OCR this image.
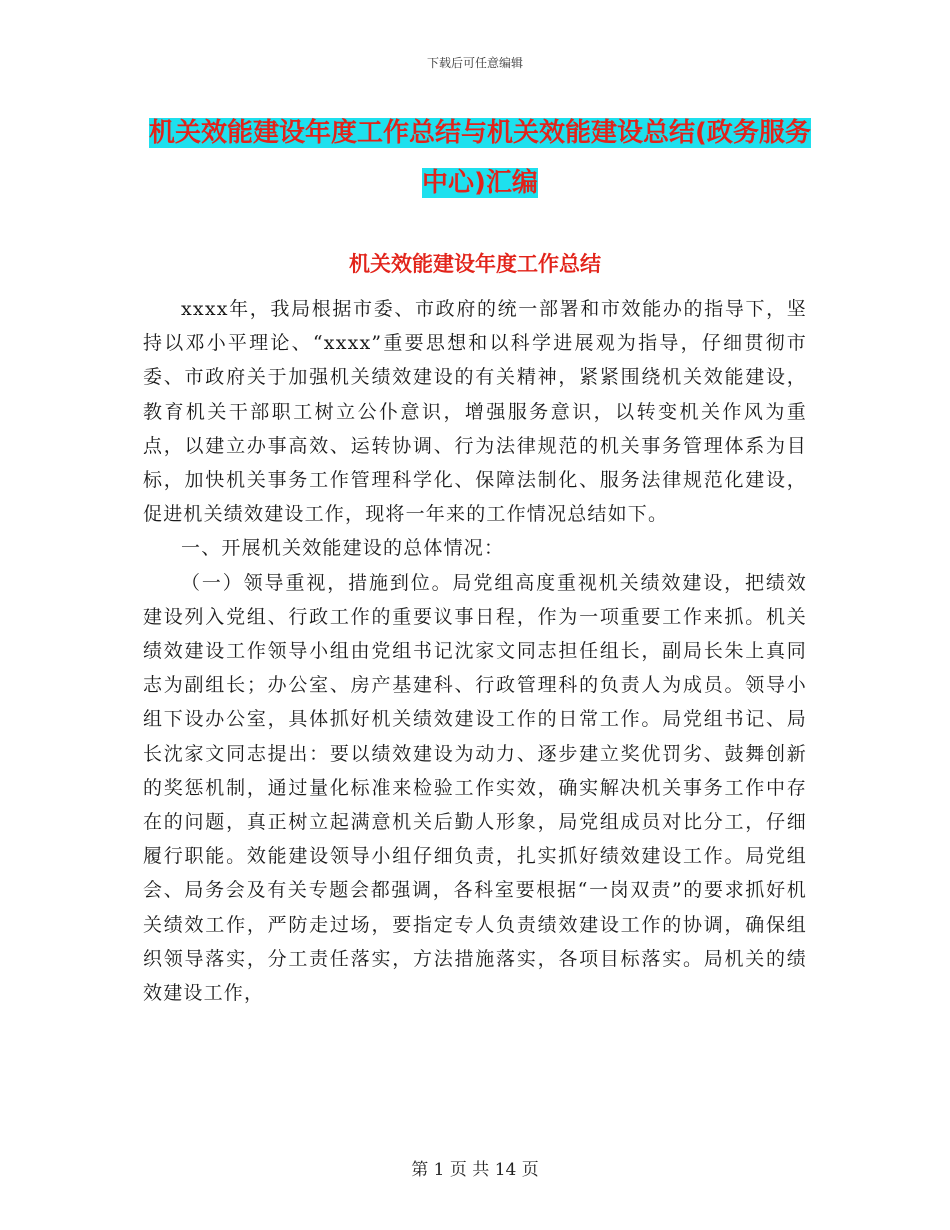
下载后可任意编辑
机关效能建设年度工作总结与机关效能建设总结(政务服务中心)汇编
机关效能建设年度工作总结

xxxx年，我局根据市委、市政府的统一部署和市效能办的指导下，坚持以邓小平理论、“xxxx”重要思想和以科学进展观为指导，仔细贯彻市委、市政府关于加强机关绩效建设的有关精神，紧紧围绕机关效能建设，教育机关干部职工树立公仆意识，增强服务意识，以转变机关作风为重点，以建立办事高效、运转协调、行为法律规范的机关事务管理体系为目标，加快机关事务工作管理科学化、保障法制化、服务法律规范化建设，促进机关绩效建设工作，现将一年来的工作情况总结如下。

一、开展机关效能建设的总体情况：

（一）领导重视，措施到位。局党组高度重视机关绩效建设，把绩效建设列入党组、行政工作的重要议事日程，作为一项重要工作来抓。机关绩效建设工作领导小组由党组书记沈家文同志担任组长，副局长朱上真同志为副组长；办公室、房产基建科、行政管理科的负责人为成员。领导小组下设办公室，具体抓好机关绩效建设工作的日常工作。局党组书记、局长沈家文同志提出：要以绩效建设为动力、逐步建立奖优罚劣、鼓舞创新的奖惩机制，通过量化标准来检验工作实效，确实解决机关事务工作中存在的问题，真正树立起满意机关后勤人形象，局党组成员对比分工，仔细履行职能。效能建设领导小组仔细负责，扎实抓好绩效建设工作。局党组会、局务会及有关专题会都强调，各科室要根据“一岗双责”的要求抓好机关绩效工作，严防走过场，要指定专人负责绩效建设工作的协调，确保组织领导落实，分工责任落实，方法措施落实，各项目标落实。局机关的绩效建设工作，

第 1 页 共 14 页
